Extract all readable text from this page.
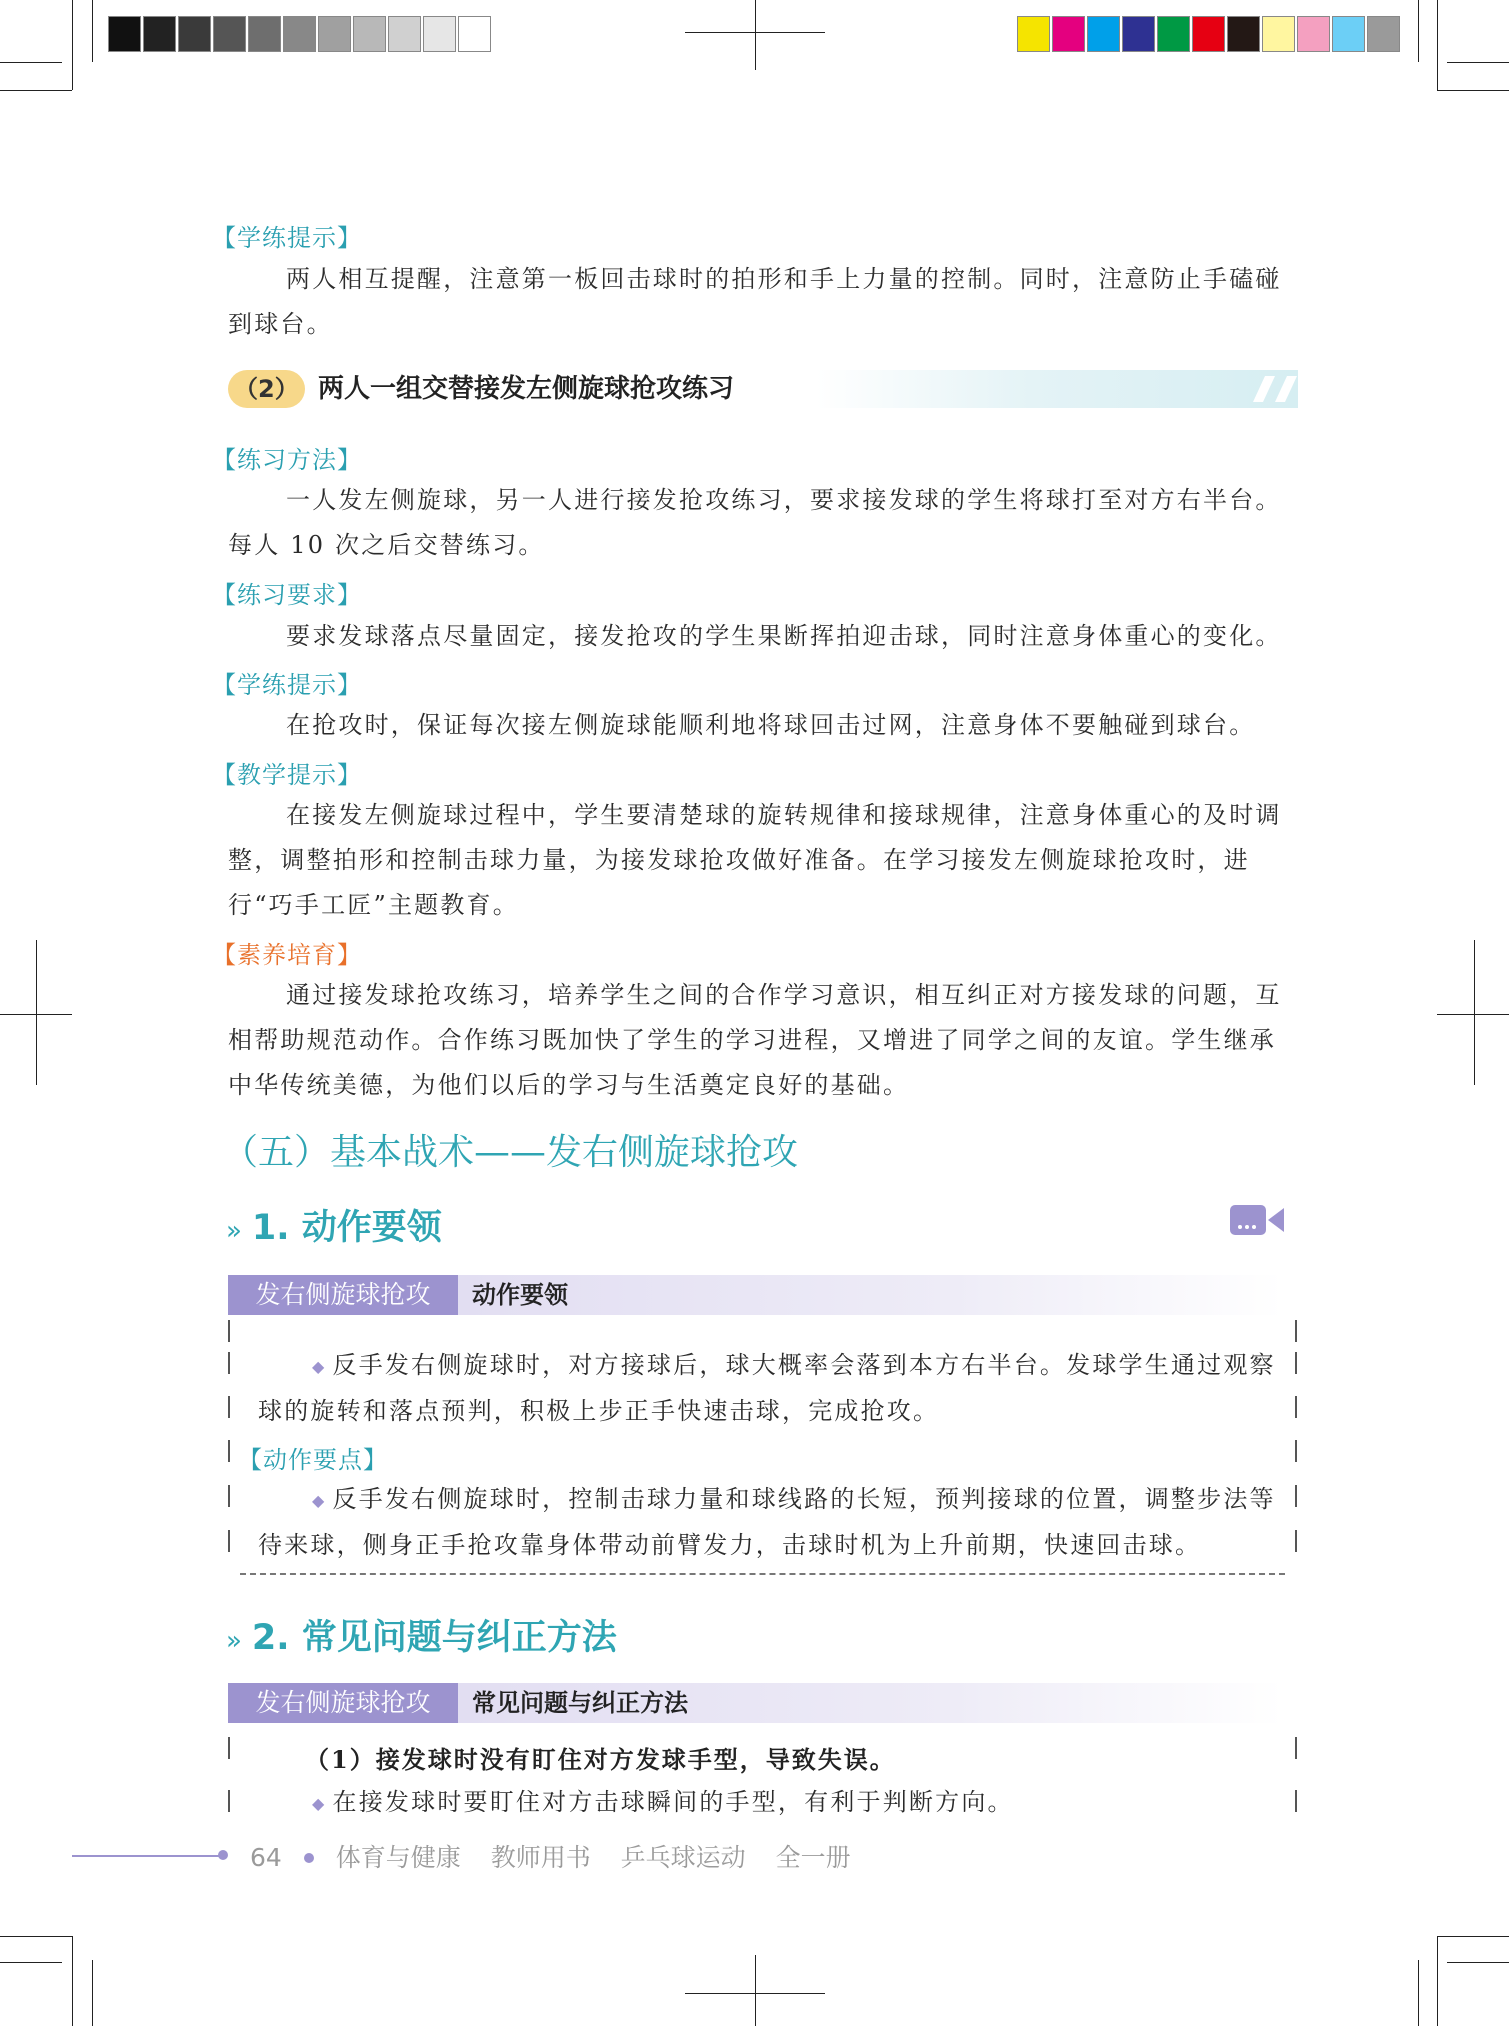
【学练提示】
两人相互提醒，注意第一板回击球时的拍形和手上力量的控制。同时，注意防止手磕碰到球台。
（2） 两人一组交替接发左侧旋球抢攻练习
【练习方法】
一人发左侧旋球，另一人进行接发抢攻练习，要求接发球的学生将球打至对方右半台。每人 10 次之后交替练习。
【练习要求】
要求发球落点尽量固定，接发抢攻的学生果断挥拍迎击球，同时注意身体重心的变化。
【学练提示】
在抢攻时，保证每次接左侧旋球能顺利地将球回击过网，注意身体不要触碰到球台。
【教学提示】
在接发左侧旋球过程中，学生要清楚球的旋转规律和接球规律，注意身体重心的及时调整，调整拍形和控制击球力量，为接发球抢攻做好准备。在学习接发左侧旋球抢攻时，进行“巧手工匠”主题教育。
【素养培育】
通过接发球抢攻练习，培养学生之间的合作学习意识，相互纠正对方接发球的问题，互相帮助规范动作。合作练习既加快了学生的学习进程，又增进了同学之间的友谊。学生继承中华传统美德，为他们以后的学习与生活奠定良好的基础。
（五）基本战术——发右侧旋球抢攻
» 1. 动作要领
发右侧旋球抢攻	动作要领
◆ 反手发右侧旋球时，对方接球后，球大概率会落到本方右半台。发球学生通过观察球的旋转和落点预判，积极上步正手快速击球，完成抢攻。
【动作要点】
◆ 反手发右侧旋球时，控制击球力量和球线路的长短，预判接球的位置，调整步法等待来球，侧身正手抢攻靠身体带动前臂发力，击球时机为上升前期，快速回击球。
» 2. 常见问题与纠正方法
发右侧旋球抢攻	常见问题与纠正方法
（1）接发球时没有盯住对方发球手型，导致失误。
◆ 在接发球时要盯住对方击球瞬间的手型，有利于判断方向。
64 体育与健康 教师用书 乒乓球运动 全一册
